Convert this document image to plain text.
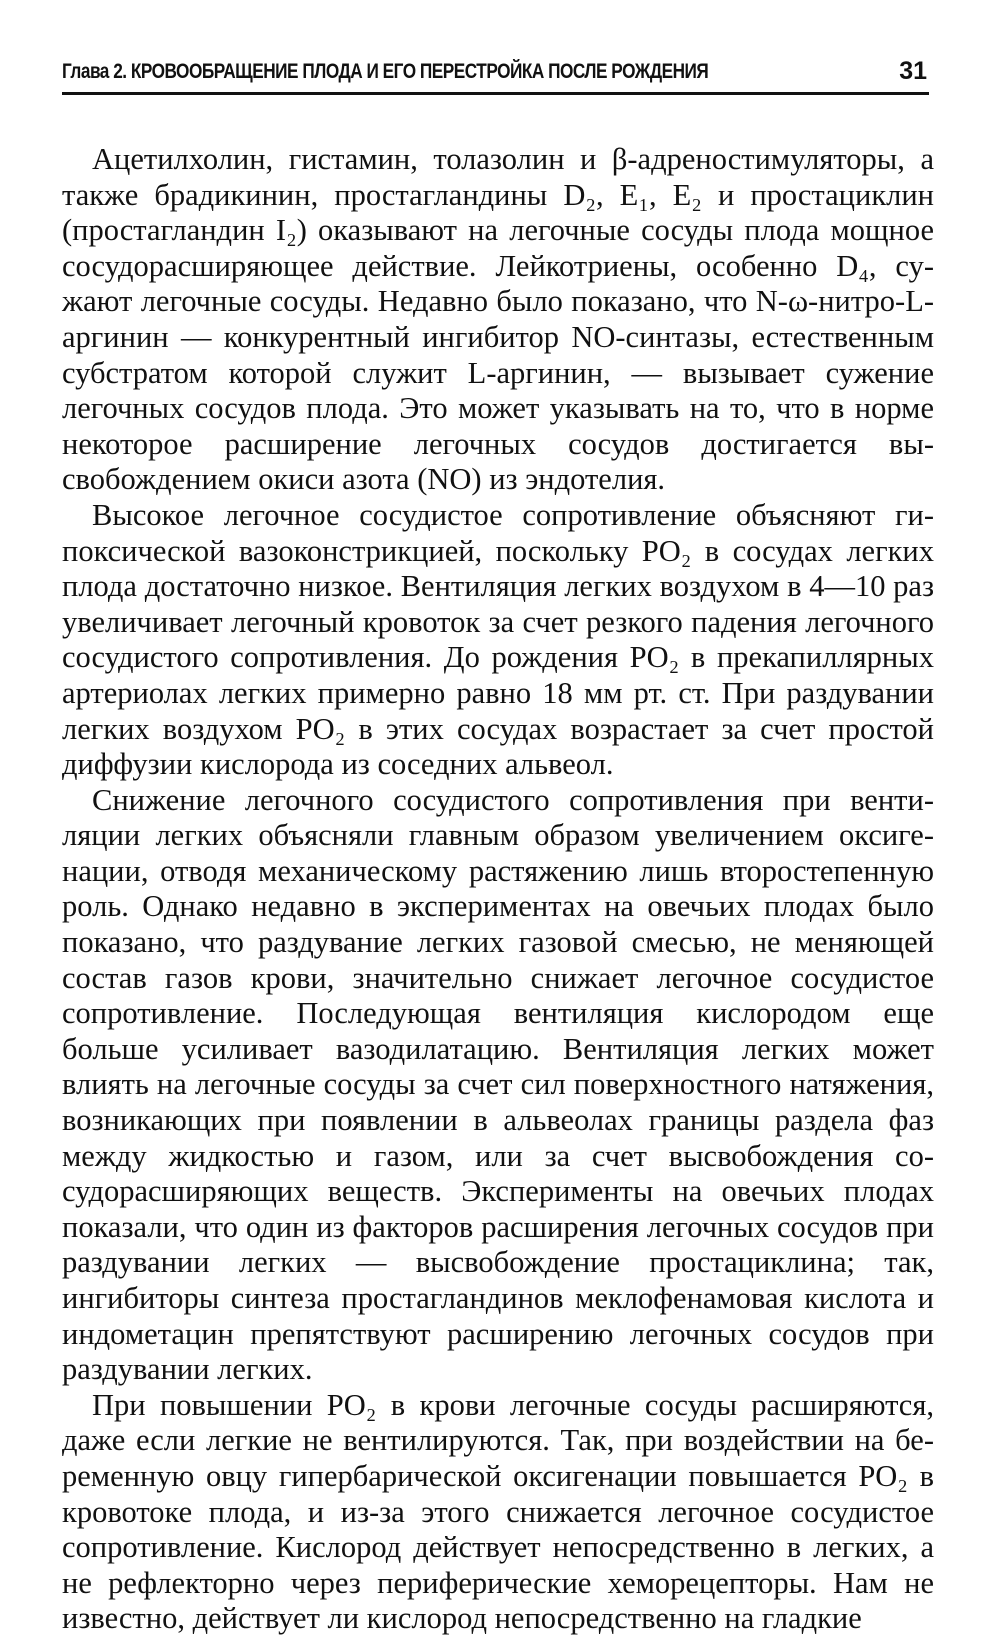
Глава 2. КРОВООБРАЩЕНИЕ ПЛОДА И ЕГО ПЕРЕСТРОЙКА ПОСЛЕ РОЖДЕНИЯ	31

Ацетилхолин, гистамин, толазолин и β-адреностимуляторы, а также брадикинин, простагландины D₂, E₁, E₂ и простациклин (простагландин I₂) оказывают на легочные сосуды плода мощное сосудорасширяющее действие. Лейкотриены, особенно D₄, сужают легочные сосуды. Недавно было показано, что N-ω-нитро-L-аргинин — конкурентный ингибитор NO-синтазы, естественным субстратом которой служит L-аргинин, — вызывает сужение легочных сосудов плода. Это может указывать на то, что в норме некоторое расширение легочных сосудов достигается высвобождением окиси азота (NO) из эндотелия.

Высокое легочное сосудистое сопротивление объясняют гипоксической вазоконстрикцией, поскольку PO₂ в сосудах легких плода достаточно низкое. Вентиляция легких воздухом в 4—10 раз увеличивает легочный кровоток за счет резкого падения легочного сосудистого сопротивления. До рождения PO₂ в прекапиллярных артериолах легких примерно равно 18 мм рт. ст. При раздувании легких воздухом PO₂ в этих сосудах возрастает за счет простой диффузии кислорода из соседних альвеол.

Снижение легочного сосудистого сопротивления при вентиляции легких объясняли главным образом увеличением оксигенации, отводя механическому растяжению лишь второстепенную роль. Однако недавно в экспериментах на овечьих плодах было показано, что раздувание легких газовой смесью, не меняющей состав газов крови, значительно снижает легочное сосудистое сопротивление. Последующая вентиляция кислородом еще больше усиливает вазодилатацию. Вентиляция легких может влиять на легочные сосуды за счет сил поверхностного натяжения, возникающих при появлении в альвеолах границы раздела фаз между жидкостью и газом, или за счет высвобождения сосудорасширяющих веществ. Эксперименты на овечьих плодах показали, что один из факторов расширения легочных сосудов при раздувании легких — высвобождение простациклина; так, ингибиторы синтеза простагландинов меклофенамовая кислота и индометацин препятствуют расширению легочных сосудов при раздувании легких.

При повышении PO₂ в крови легочные сосуды расширяются, даже если легкие не вентилируются. Так, при воздействии на беременную овцу гипербарической оксигенации повышается PO₂ в кровотоке плода, и из-за этого снижается легочное сосудистое сопротивление. Кислород действует непосредственно в легких, а не рефлекторно через периферические хеморецепторы. Нам не известно, действует ли кислород непосредственно на гладкие
